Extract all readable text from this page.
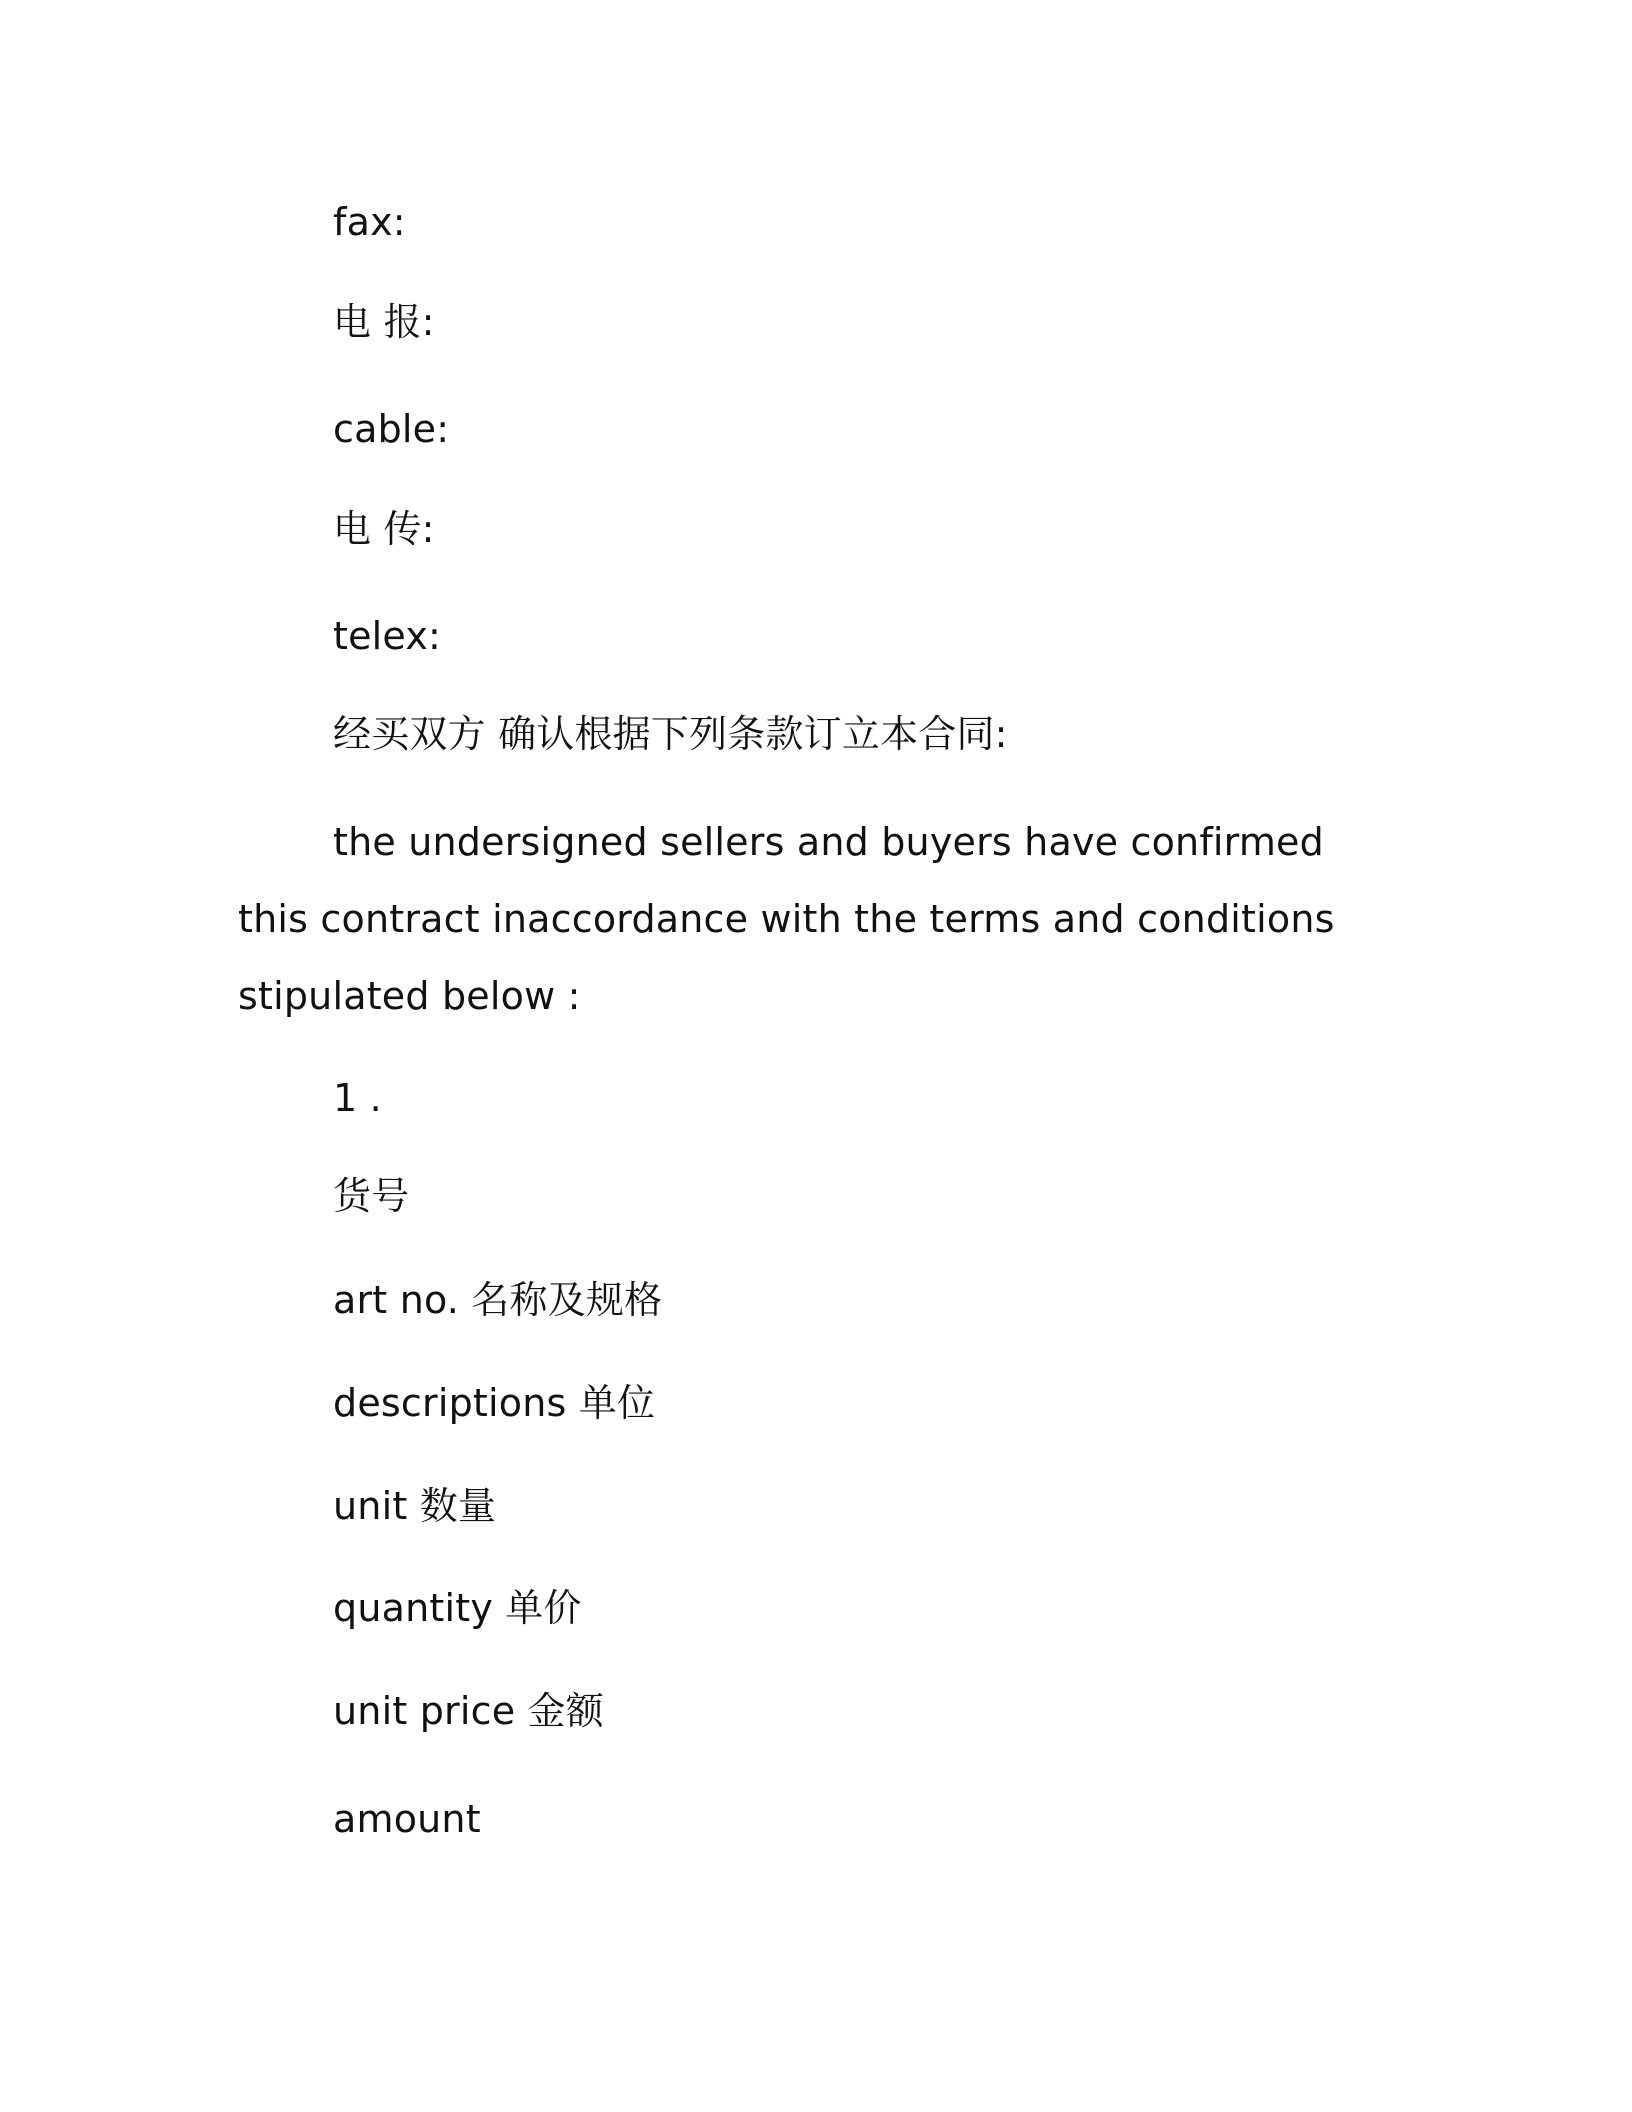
fax:

电 报:

cable:

电 传:

telex:

经买双方 确认根据下列条款订立本合同:

the undersigned sellers and buyers have confirmed this contract inaccordance with the terms and conditions stipulated below :

1 .

货号

art no. 名称及规格

descriptions 单位

unit 数量

quantity 单价

unit price 金额

amount
